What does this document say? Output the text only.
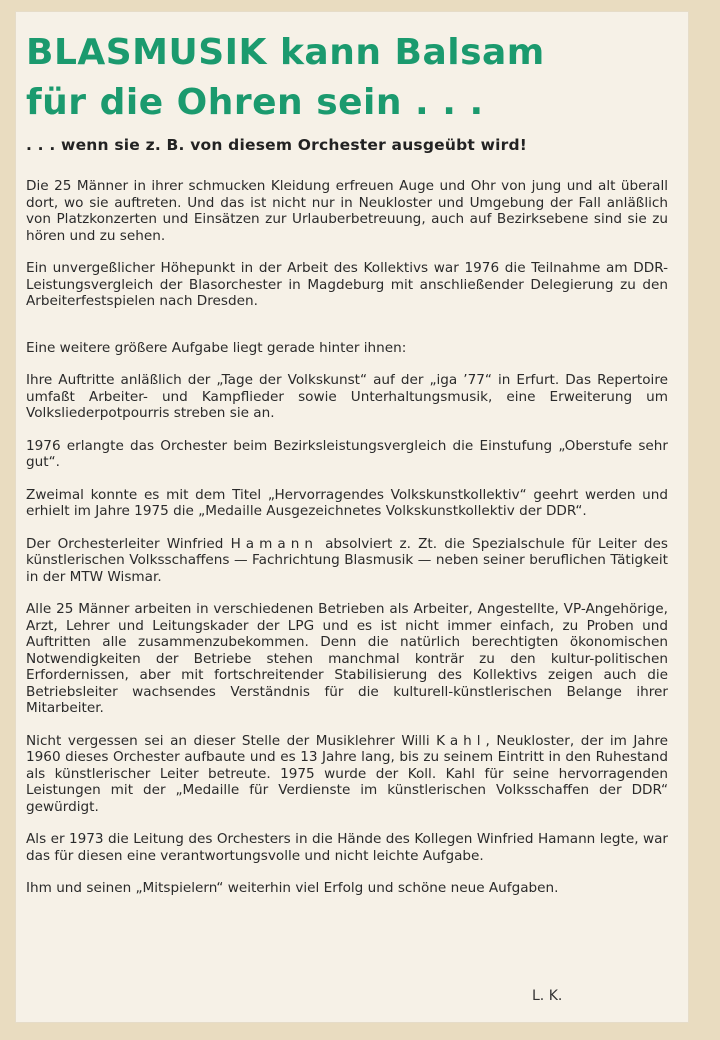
BLASMUSIK kann Balsam
für die Ohren sein . . .
. . . wenn sie z. B. von diesem Orchester ausgeübt wird!

Die 25 Männer in ihrer schmucken Kleidung erfreuen Auge und Ohr von jung und alt überall dort, wo sie auftreten. Und das ist nicht nur in Neukloster und Umgebung der Fall anläßlich von Platzkonzerten und Einsätzen zur Urlauberbetreuung, auch auf Bezirksebene sind sie zu hören und zu sehen.

Ein unvergeßlicher Höhepunkt in der Arbeit des Kollektivs war 1976 die Teilnahme am DDR-Leistungsvergleich der Blasorchester in Magdeburg mit anschließender Delegierung zu den Arbeiterfestspielen nach Dresden.

Eine weitere größere Aufgabe liegt gerade hinter ihnen:

Ihre Auftritte anläßlich der „Tage der Volkskunst“ auf der „iga ’77“ in Erfurt. Das Repertoire umfaßt Arbeiter- und Kampflieder sowie Unterhaltungsmusik, eine Erweiterung um Volksliederpotpourris streben sie an.

1976 erlangte das Orchester beim Bezirksleistungsvergleich die Einstufung „Oberstufe sehr gut“.

Zweimal konnte es mit dem Titel „Hervorragendes Volkskunstkollektiv“ geehrt werden und erhielt im Jahre 1975 die „Medaille Ausgezeichnetes Volkskunstkollektiv der DDR“.

Der Orchesterleiter Winfried Hamann absolviert z. Zt. die Spezialschule für Leiter des künstlerischen Volksschaffens — Fachrichtung Blasmusik — neben seiner beruflichen Tätigkeit in der MTW Wismar.

Alle 25 Männer arbeiten in verschiedenen Betrieben als Arbeiter, Angestellte, VP-Angehörige, Arzt, Lehrer und Leitungskader der LPG und es ist nicht immer einfach, zu Proben und Auftritten alle zusammenzubekommen. Denn die natürlich berechtigten ökonomischen Notwendigkeiten der Betriebe stehen manchmal konträr zu den kultur-politischen Erfordernissen, aber mit fortschreitender Stabilisierung des Kollektivs zeigen auch die Betriebsleiter wachsendes Verständnis für die kulturell-künstlerischen Belange ihrer Mitarbeiter.

Nicht vergessen sei an dieser Stelle der Musiklehrer Willi Kahl, Neukloster, der im Jahre 1960 dieses Orchester aufbaute und es 13 Jahre lang, bis zu seinem Eintritt in den Ruhestand als künstlerischer Leiter betreute. 1975 wurde der Koll. Kahl für seine hervorragenden Leistungen mit der „Medaille für Verdienste im künstlerischen Volksschaffen der DDR“ gewürdigt.

Als er 1973 die Leitung des Orchesters in die Hände des Kollegen Winfried Hamann legte, war das für diesen eine verantwortungsvolle und nicht leichte Aufgabe.

Ihm und seinen „Mitspielern“ weiterhin viel Erfolg und schöne neue Aufgaben.

L. K.
